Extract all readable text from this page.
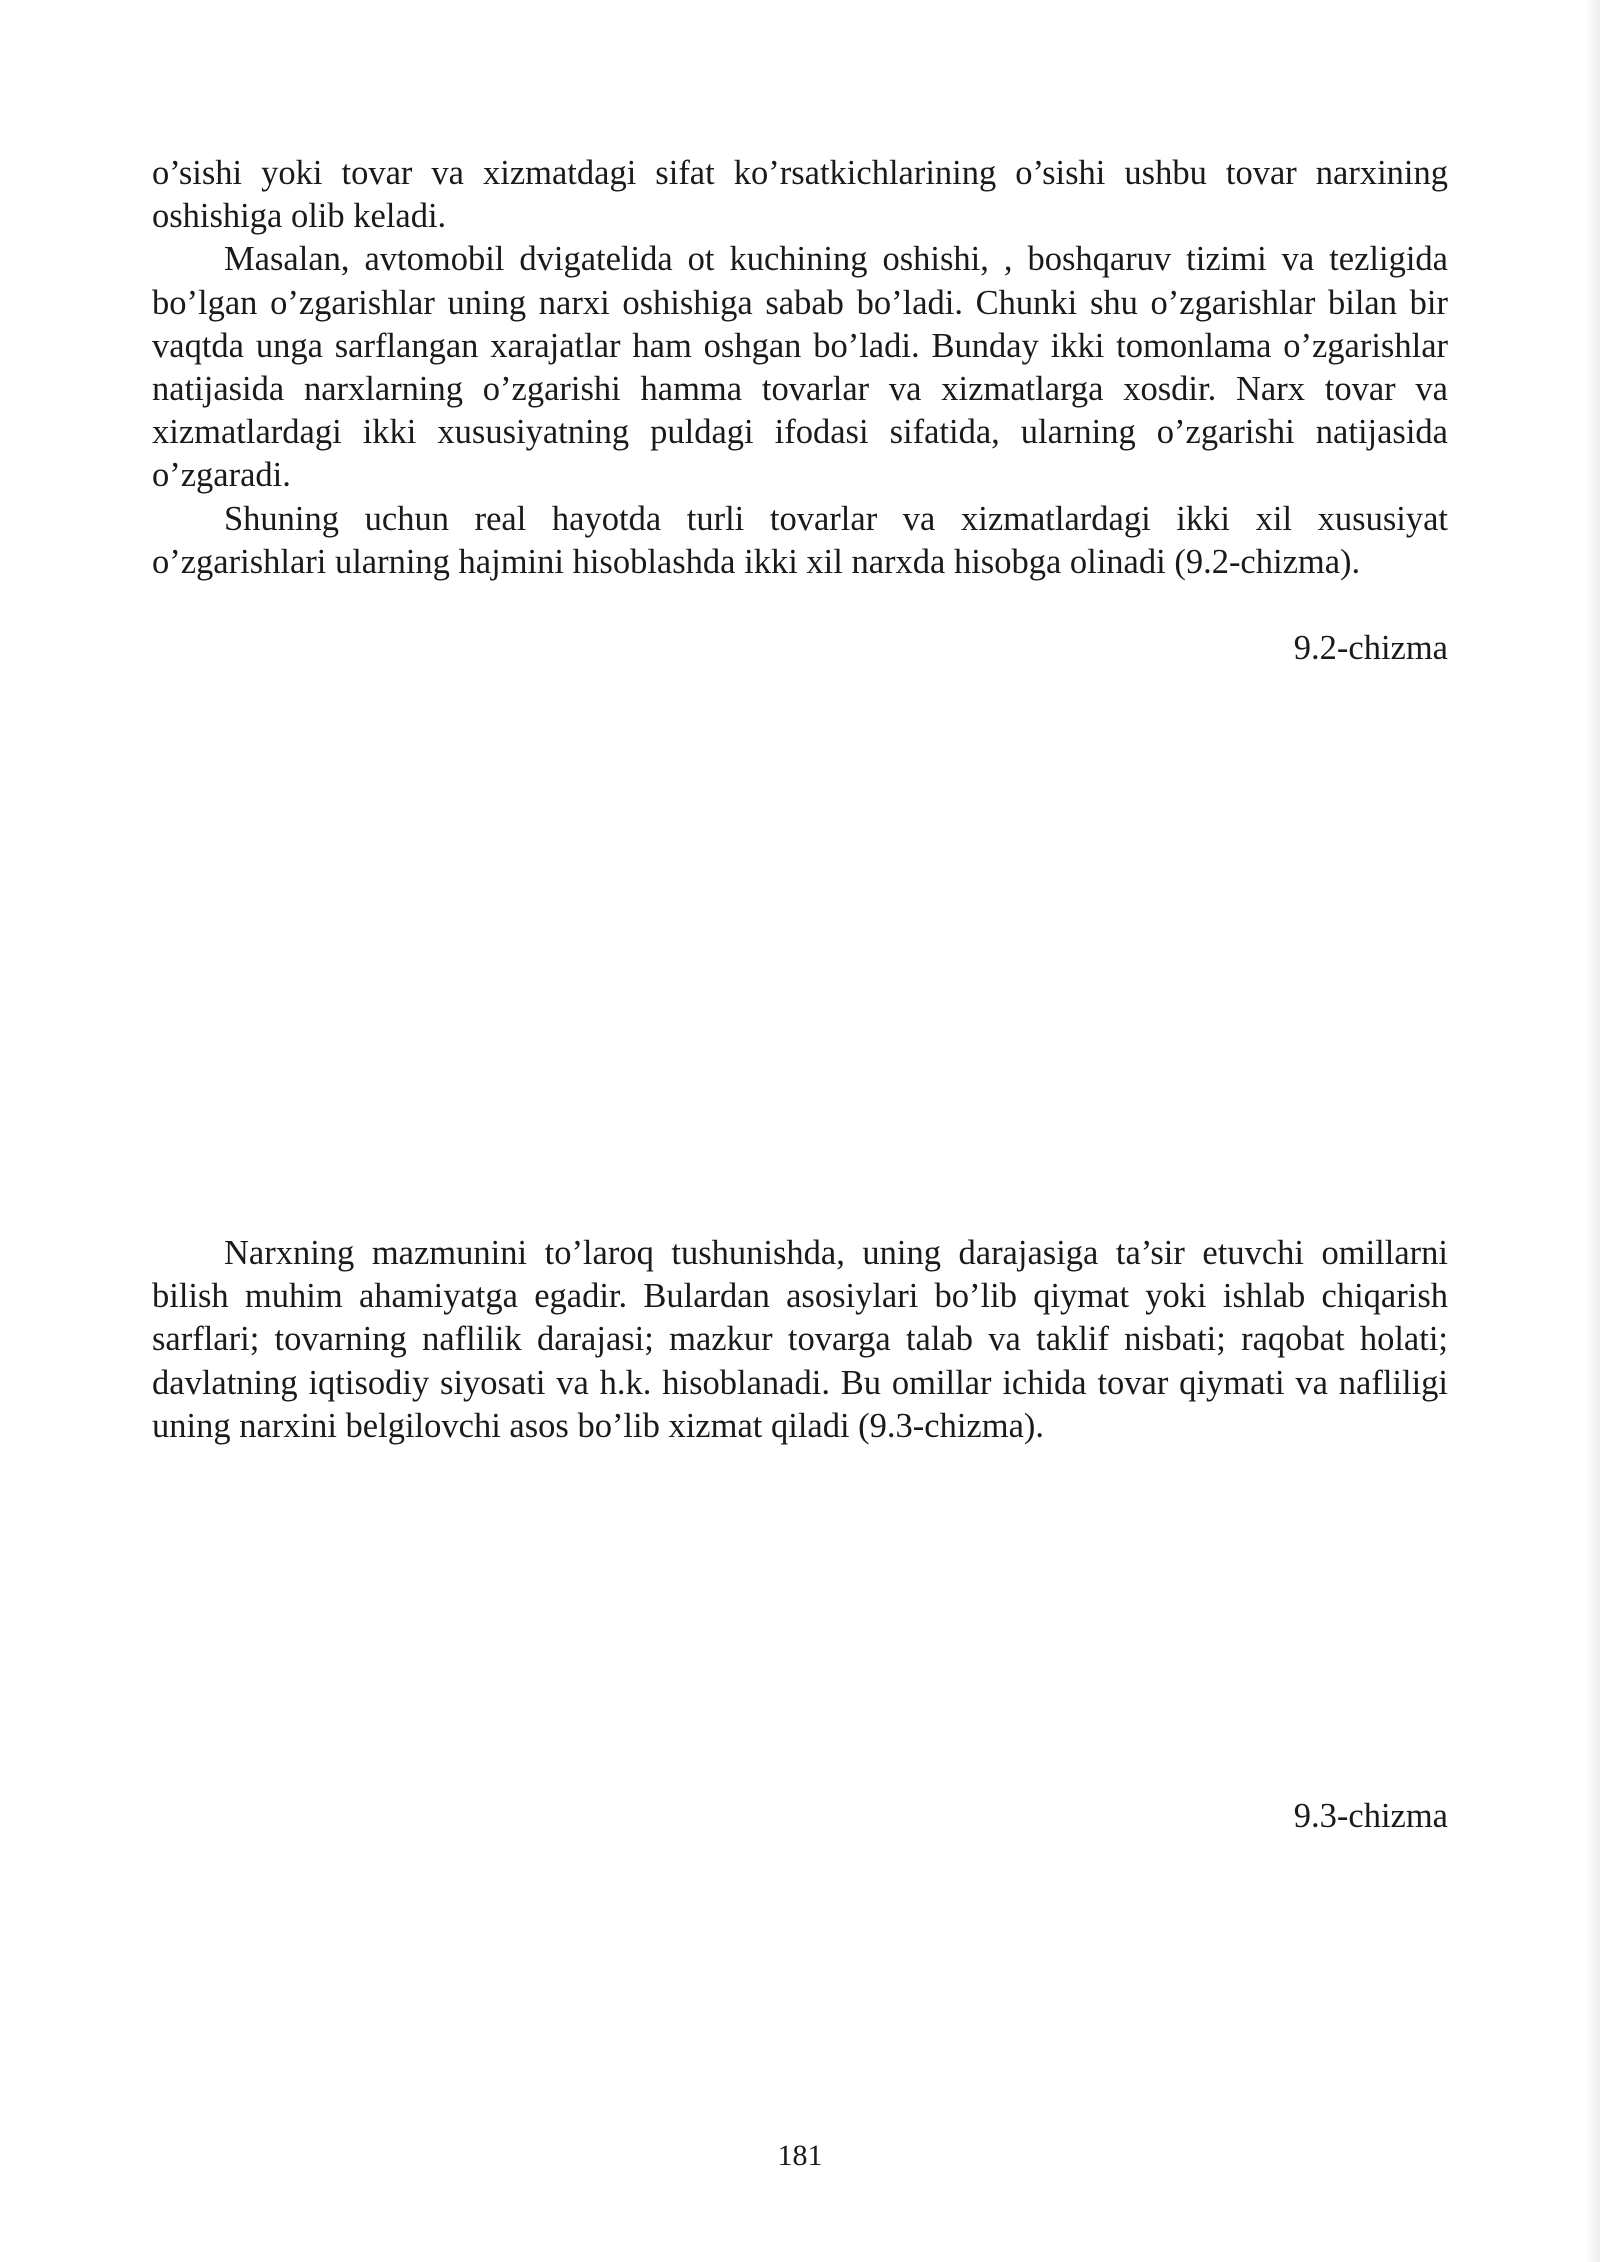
o’sishi yoki tovar va xizmatdagi sifat ko’rsatkichlarining o’sishi ushbu tovar narxining oshishiga olib keladi.

Masalan, avtomobil dvigatelida ot kuchining oshishi, , boshqaruv tizimi va tezligida bo’lgan o’zgarishlar uning narxi oshishiga sabab bo’ladi. Chunki shu o’zgarishlar bilan bir vaqtda unga sarflangan xarajatlar ham oshgan bo’ladi. Bunday ikki tomonlama o’zgarishlar natijasida narxlarning o’zgarishi hamma tovarlar va xizmatlarga xosdir. Narx tovar va xizmatlardagi ikki xususiyatning puldagi ifodasi sifatida, ularning o’zgarishi natijasida o’zgaradi.

Shuning uchun real hayotda turli tovarlar va xizmatlardagi ikki xil xususiyat o’zgarishlari ularning hajmini hisoblashda ikki xil narxda hisobga olinadi (9.2-chizma).

9.2-chizma

Narxning mazmunini to’laroq tushunishda, uning darajasiga ta’sir etuvchi omillarni bilish muhim ahamiyatga egadir. Bulardan asosiylari bo’lib qiymat yoki ishlab chiqarish sarflari; tovarning naflilik darajasi; mazkur tovarga talab va taklif nisbati; raqobat holati; davlatning iqtisodiy siyosati va h.k. hisoblanadi. Bu omillar ichida tovar qiymati va nafliligi uning narxini belgilovchi asos bo’lib xizmat qiladi (9.3-chizma).

9.3-chizma
181
